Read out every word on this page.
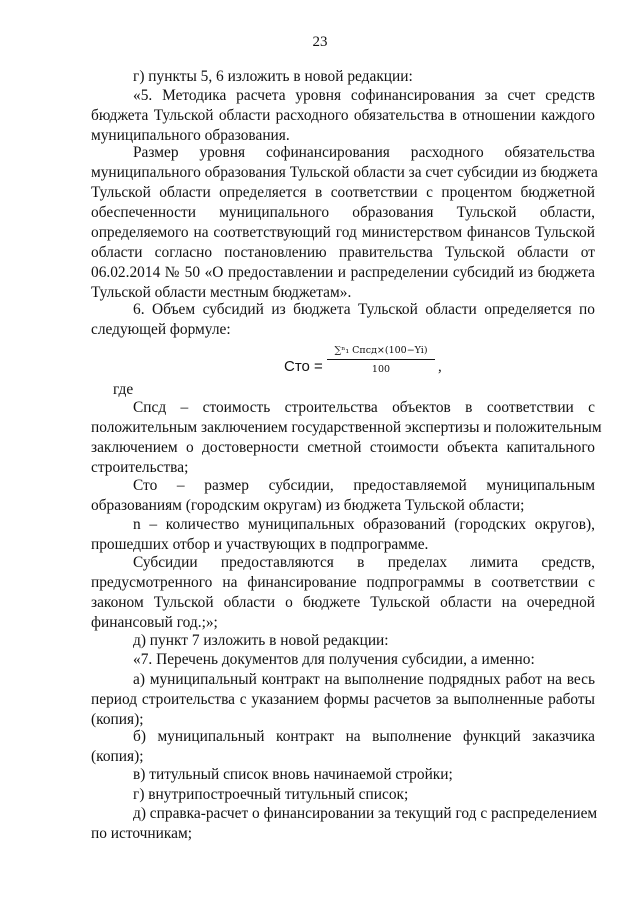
23
г) пункты 5, 6 изложить в новой редакции:
«5. Методика расчета уровня софинансирования за счет средств
бюджета Тульской области расходного обязательства в отношении каждого
муниципального образования.
Размер уровня софинансирования расходного обязательства
муниципального образования Тульской области за счет субсидии из бюджета
Тульской области определяется в соответствии с процентом бюджетной
обеспеченности муниципального образования Тульской области,
определяемого на соответствующий год министерством финансов Тульской
области согласно постановлению правительства Тульской области от
06.02.2014 № 50 «О предоставлении и распределении субсидий из бюджета
Тульской области местным бюджетам».
6. Объем субсидий из бюджета Тульской области определяется по
следующей формуле:
Сто =
∑ⁿ₁ Спсд×(100−Yi)
100	,
где
Спсд – стоимость строительства объектов в соответствии с
положительным заключением государственной экспертизы и положительным
заключением о достоверности сметной стоимости объекта капитального
строительства;
Сто – размер субсидии, предоставляемой муниципальным
образованиям (городским округам) из бюджета Тульской области;
n – количество муниципальных образований (городских округов),
прошедших отбор и участвующих в подпрограмме.
Субсидии предоставляются в пределах лимита средств,
предусмотренного на финансирование подпрограммы в соответствии с
законом Тульской области о бюджете Тульской области на очередной
финансовый год.;»;
д) пункт 7 изложить в новой редакции:
«7. Перечень документов для получения субсидии, а именно:
а) муниципальный контракт на выполнение подрядных работ на весь
период строительства с указанием формы расчетов за выполненные работы
(копия);
б) муниципальный контракт на выполнение функций заказчика
(копия);
в) титульный список вновь начинаемой стройки;
г) внутрипостроечный титульный список;
д) справка-расчет о финансировании за текущий год с распределением
по источникам;
